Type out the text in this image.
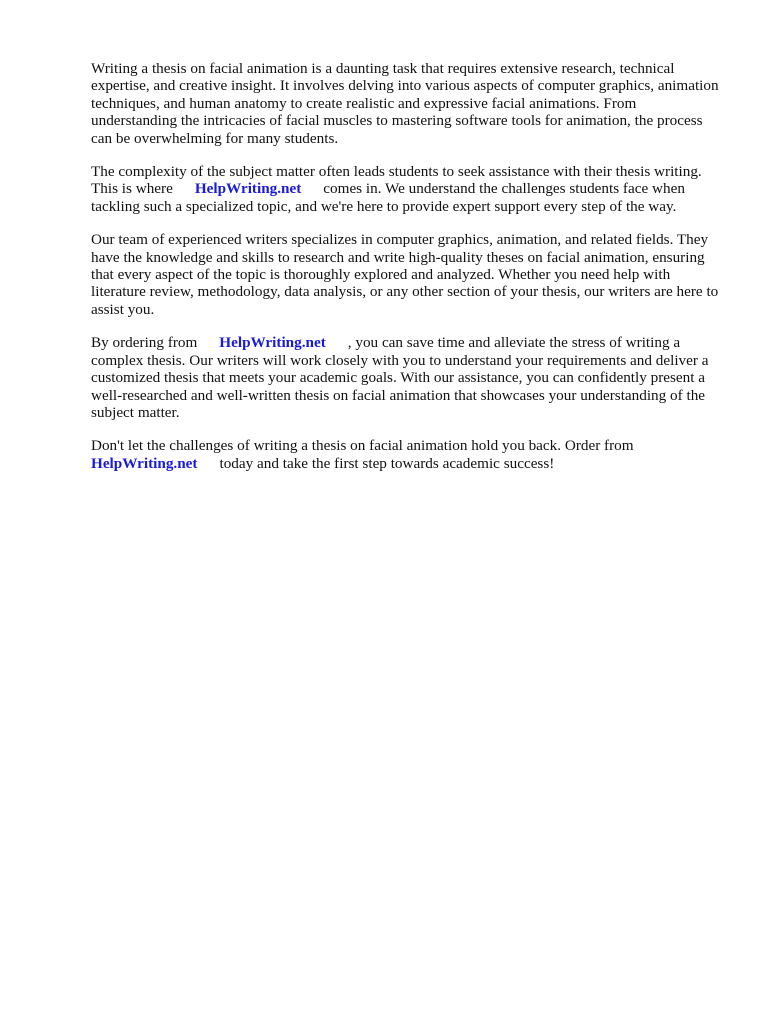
Writing a thesis on facial animation is a daunting task that requires extensive research, technical expertise, and creative insight. It involves delving into various aspects of computer graphics, animation techniques, and human anatomy to create realistic and expressive facial animations. From understanding the intricacies of facial muscles to mastering software tools for animation, the process can be overwhelming for many students.

The complexity of the subject matter often leads students to seek assistance with their thesis writing. This is where HelpWriting.net comes in. We understand the challenges students face when tackling such a specialized topic, and we're here to provide expert support every step of the way.

Our team of experienced writers specializes in computer graphics, animation, and related fields. They have the knowledge and skills to research and write high-quality theses on facial animation, ensuring that every aspect of the topic is thoroughly explored and analyzed. Whether you need help with literature review, methodology, data analysis, or any other section of your thesis, our writers are here to assist you.

By ordering from HelpWriting.net , you can save time and alleviate the stress of writing a complex thesis. Our writers will work closely with you to understand your requirements and deliver a customized thesis that meets your academic goals. With our assistance, you can confidently present a well-researched and well-written thesis on facial animation that showcases your understanding of the subject matter.

Don't let the challenges of writing a thesis on facial animation hold you back. Order from HelpWriting.net today and take the first step towards academic success!
